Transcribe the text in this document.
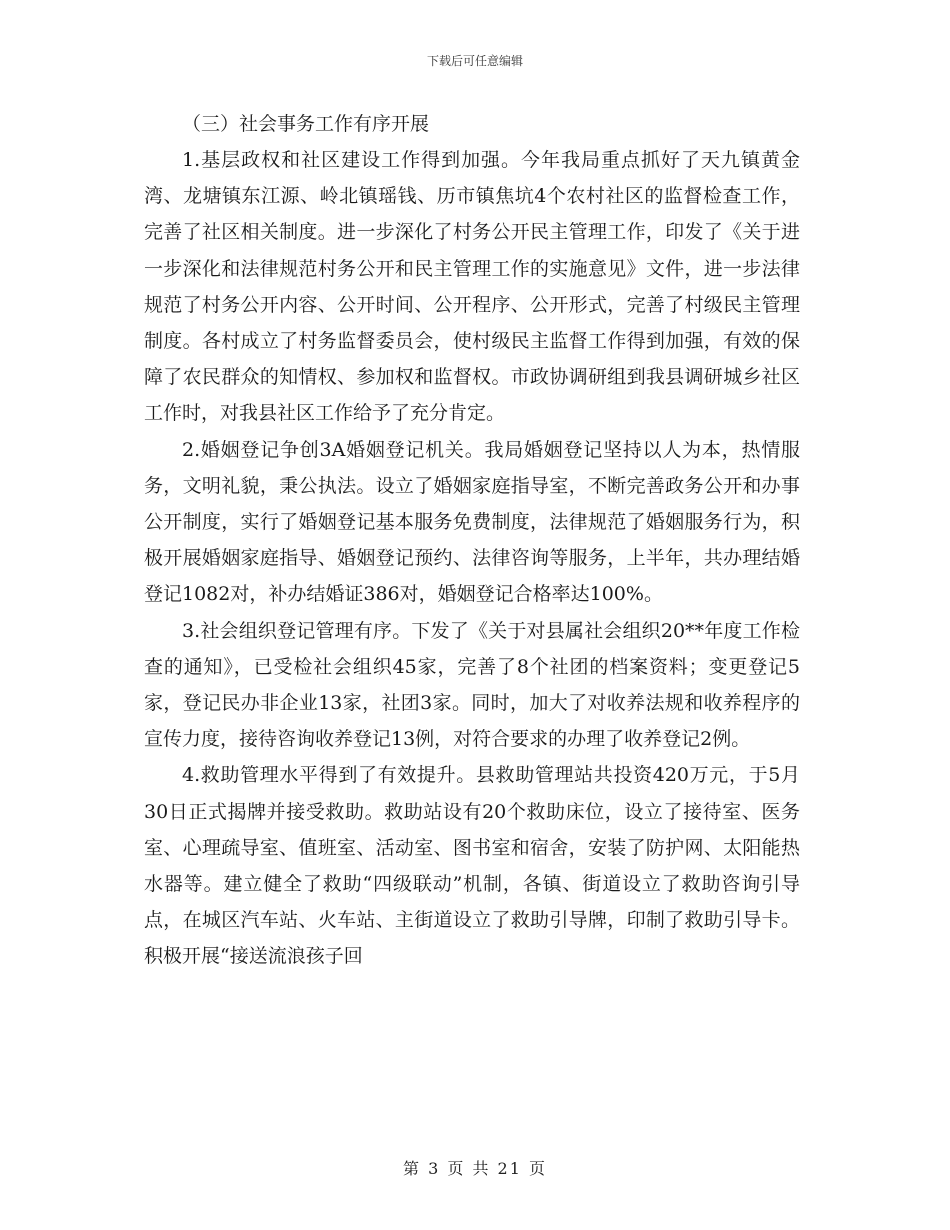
下载后可任意编辑

（三）社会事务工作有序开展

1.基层政权和社区建设工作得到加强。今年我局重点抓好了天九镇黄金湾、龙塘镇东江源、岭北镇瑶钱、历市镇焦坑4个农村社区的监督检查工作，完善了社区相关制度。进一步深化了村务公开民主管理工作，印发了《关于进一步深化和法律规范村务公开和民主管理工作的实施意见》文件，进一步法律规范了村务公开内容、公开时间、公开程序、公开形式，完善了村级民主管理制度。各村成立了村务监督委员会，使村级民主监督工作得到加强，有效的保障了农民群众的知情权、参加权和监督权。市政协调研组到我县调研城乡社区工作时，对我县社区工作给予了充分肯定。

2.婚姻登记争创3A婚姻登记机关。我局婚姻登记坚持以人为本，热情服务，文明礼貌，秉公执法。设立了婚姻家庭指导室，不断完善政务公开和办事公开制度，实行了婚姻登记基本服务免费制度，法律规范了婚姻服务行为，积极开展婚姻家庭指导、婚姻登记预约、法律咨询等服务，上半年，共办理结婚登记1082对，补办结婚证386对，婚姻登记合格率达100%。

3.社会组织登记管理有序。下发了《关于对县属社会组织20**年度工作检查的通知》，已受检社会组织45家，完善了8个社团的档案资料；变更登记5家，登记民办非企业13家，社团3家。同时，加大了对收养法规和收养程序的宣传力度，接待咨询收养登记13例，对符合要求的办理了收养登记2例。

4.救助管理水平得到了有效提升。县救助管理站共投资420万元，于5月30日正式揭牌并接受救助。救助站设有20个救助床位，设立了接待室、医务室、心理疏导室、值班室、活动室、图书室和宿舍，安装了防护网、太阳能热水器等。建立健全了救助“四级联动”机制，各镇、街道设立了救助咨询引导点，在城区汽车站、火车站、主街道设立了救助引导牌，印制了救助引导卡。积极开展“接送流浪孩子回

第 3 页 共 21 页
